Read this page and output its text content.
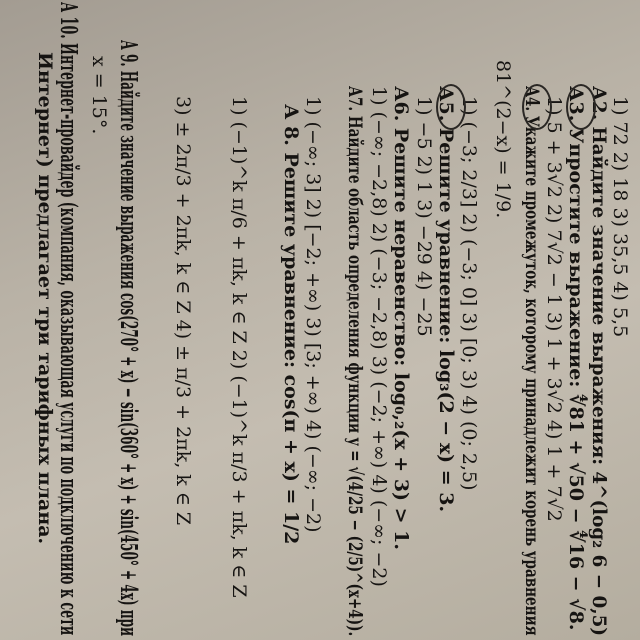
1) 72 2) 18 3) 35,5 4) 5,5
А2. Найдите значение выражения: 4^(log₂ 6 − 0,5)
А3. Упростите выражение: ∜81 + √50 − ∜16 − √8.
1) 5 + 3√2 2) 7√2 − 1 3) 1 + 3√2 4) 1 + 7√2
А4. Укажите промежуток, которому принадлежит корень уравнения
81^(2−x) = 1/9.
1) (−3; 2/3] 2) (−3; 0] 3) [0; 3) 4) (0; 2,5)
А5. Решите уравнение: log₃(2 − x) = 3.
1) −5 2) 1 3) −29 4) −25
А6. Решите неравенство: log₀,₂(x + 3) > 1.
1) (−∞; −2,8) 2) (−3; −2,8) 3) (−2; +∞) 4) (−∞; −2)
А7. Найдите область определения функции y = √(4/25 − (2/5)^(x+4)).
1) (−∞; 3] 2) [−2; +∞) 3) [3; +∞) 4) (−∞; −2)
А 8. Решите уравнение: cos(π + x) = 1/2
1) (−1)^k π/6 + πk, k ∈ Z 2) (−1)^k π/3 + πk, k ∈ Z
3) ± 2π/3 + 2πk, k ∈ Z 4) ± π/3 + 2πk, k ∈ Z
А 9. Найдите значение выражения cos(270° + x) − sin(360° + x) + sin(450° + 4x) при
x = 15°.
А 10. Интернет-провайдер (компания, оказывающая услуги по подключению к сети
Интернет) предлагает три тарифных плана.
